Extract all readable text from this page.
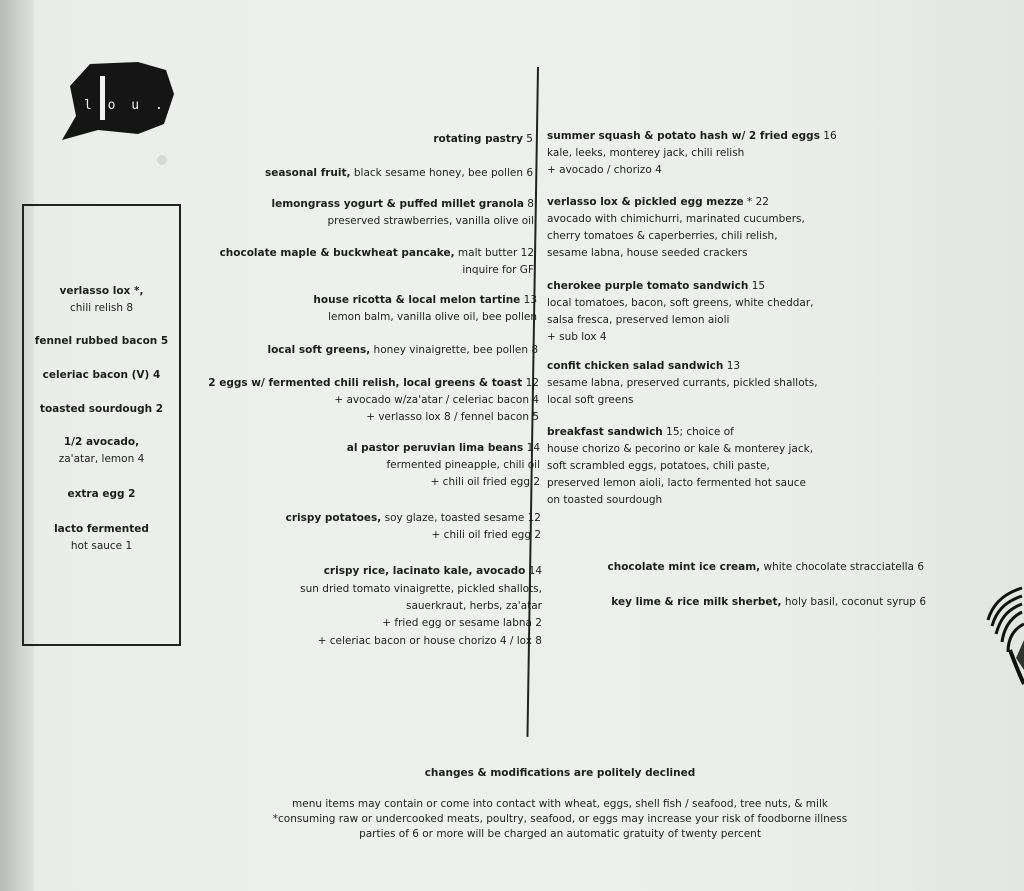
l o u .
verlasso lox *,
chili relish 8
fennel rubbed bacon 5
celeriac bacon (V) 4
toasted sourdough 2
1/2 avocado,
za'atar, lemon 4
extra egg 2
lacto fermented
hot sauce 1
rotating pastry 5
seasonal fruit, black sesame honey, bee pollen 6
lemongrass yogurt & puffed millet granola 8
preserved strawberries, vanilla olive oil
chocolate maple & buckwheat pancake, malt butter 12
inquire for GF
house ricotta & local melon tartine 13
lemon balm, vanilla olive oil, bee pollen
local soft greens, honey vinaigrette, bee pollen 8
2 eggs w/ fermented chili relish, local greens & toast 12
+ avocado w/za'atar / celeriac bacon 4
+ verlasso lox 8 / fennel bacon 5
al pastor peruvian lima beans 14
fermented pineapple, chili oil
+ chili oil fried egg 2
crispy potatoes, soy glaze, toasted sesame 12
+ chili oil fried egg 2
crispy rice, lacinato kale, avocado 14
sun dried tomato vinaigrette, pickled shallots,
sauerkraut, herbs, za'atar
+ fried egg or sesame labna 2
+ celeriac bacon or house chorizo 4 / lox 8
summer squash & potato hash w/ 2 fried eggs 16
kale, leeks, monterey jack, chili relish
+ avocado / chorizo 4
verlasso lox & pickled egg mezze * 22
avocado with chimichurri, marinated cucumbers,
cherry tomatoes & caperberries, chili relish,
sesame labna, house seeded crackers
cherokee purple tomato sandwich 15
local tomatoes, bacon, soft greens, white cheddar,
salsa fresca, preserved lemon aioli
+ sub lox 4
confit chicken salad sandwich 13
sesame labna, preserved currants, pickled shallots,
local soft greens
breakfast sandwich 15; choice of
house chorizo & pecorino or kale & monterey jack,
soft scrambled eggs, potatoes, chili paste,
preserved lemon aioli, lacto fermented hot sauce
on toasted sourdough
chocolate mint ice cream, white chocolate stracciatella 6
key lime & rice milk sherbet, holy basil, coconut syrup 6
changes & modifications are politely declined
menu items may contain or come into contact with wheat, eggs, shell fish / seafood, tree nuts, & milk
*consuming raw or undercooked meats, poultry, seafood, or eggs may increase your risk of foodborne illness
parties of 6 or more will be charged an automatic gratuity of twenty percent
